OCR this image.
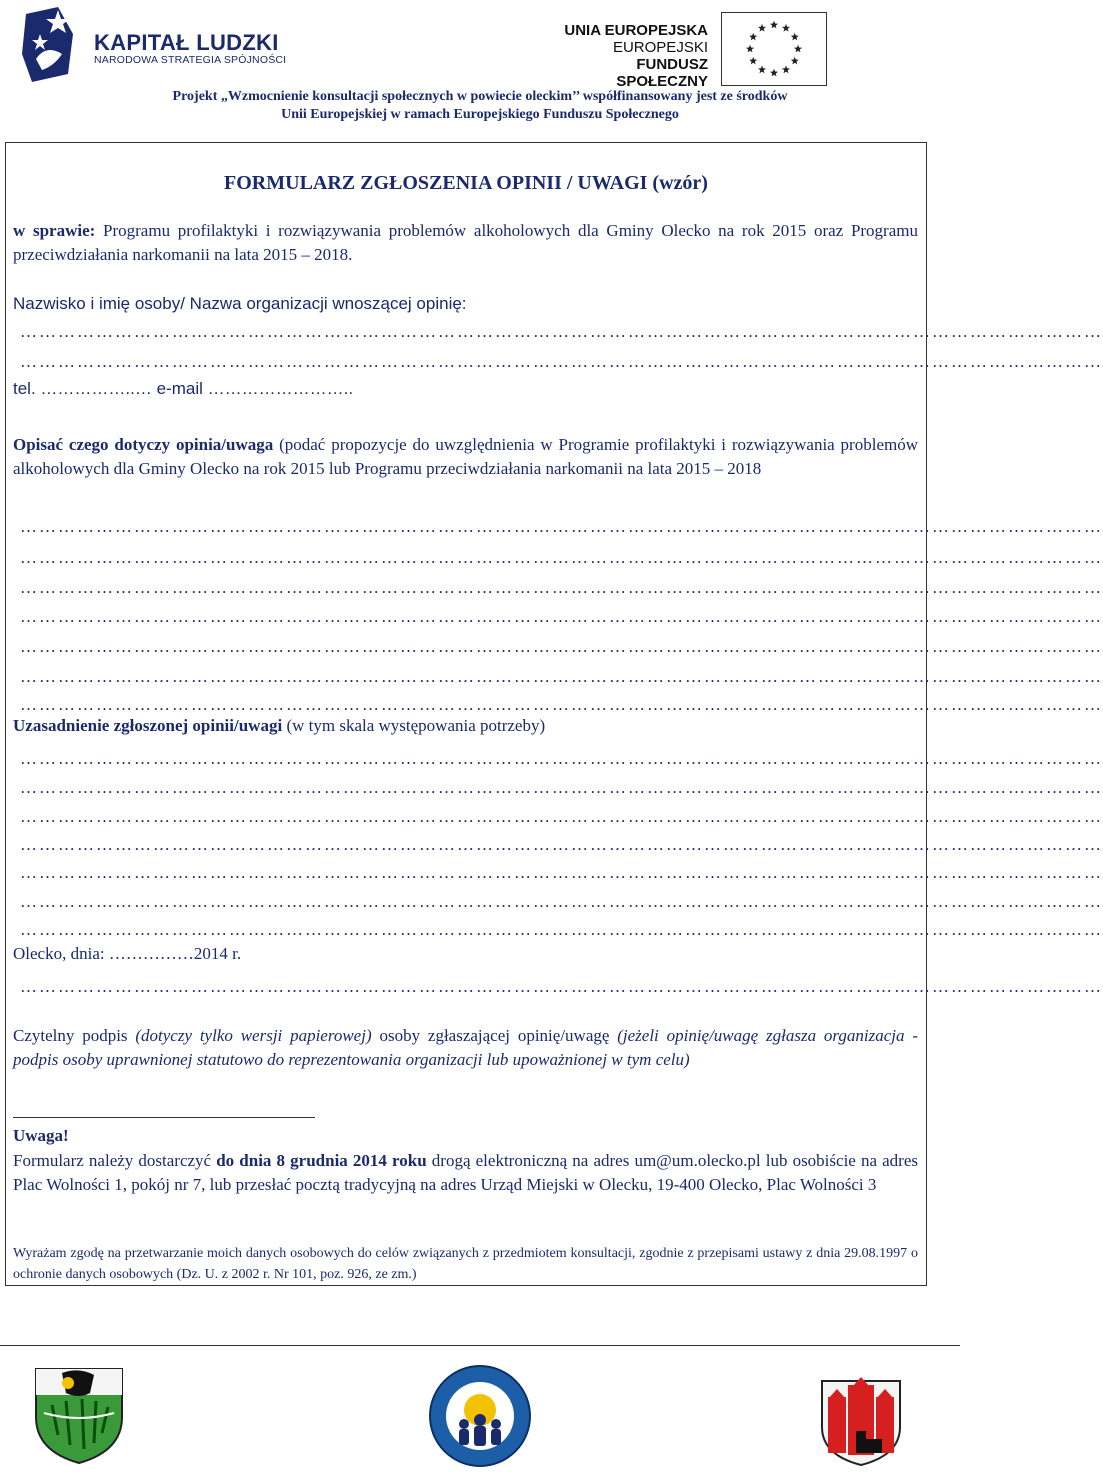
KAPITAŁ LUDZKI
NARODOWA STRATEGIA SPÓJNOŚCI
UNIA EUROPEJSKA
EUROPEJSKI
FUNDUSZ SPOŁECZNY
Projekt „Wzmocnienie konsultacji społecznych w powiecie oleckim’’ współfinansowany jest ze środków
Unii Europejskiej w ramach Europejskiego Funduszu Społecznego
FORMULARZ ZGŁOSZENIA OPINII / UWAGI (wzór)
w sprawie: Programu profilaktyki i rozwiązywania problemów alkoholowych dla Gminy Olecko na rok 2015 oraz Programu przeciwdziałania narkomanii na lata 2015 – 2018.
Nazwisko i imię osoby/ Nazwa organizacji wnoszącej opinię:
………………………………………………………………………………………………………………………………………………………
………………………………………………………………………………………………………………………………………………………
tel. ……………..… e-mail ……………………..
Opisać czego dotyczy opinia/uwaga (podać propozycje do uwzględnienia w Programie profilaktyki i rozwiązywania problemów alkoholowych dla Gminy Olecko na rok 2015 lub Programu przeciwdziałania narkomanii na lata 2015 – 2018
………………………………………………………………………………………………………………………………………………………
………………………………………………………………………………………………………………………………………………………
………………………………………………………………………………………………………………………………………………………
………………………………………………………………………………………………………………………………………………………
………………………………………………………………………………………………………………………………………………………
………………………………………………………………………………………………………………………………………………………
………………………………………………………………………………………………………………………………………………………
Uzasadnienie zgłoszonej opinii/uwagi (w tym skala występowania potrzeby)
………………………………………………………………………………………………………………………………………………………
………………………………………………………………………………………………………………………………………………………
………………………………………………………………………………………………………………………………………………………
………………………………………………………………………………………………………………………………………………………
………………………………………………………………………………………………………………………………………………………
………………………………………………………………………………………………………………………………………………………
………………………………………………………………………………………………………………………………………………………
Olecko, dnia: ……………2014 r.
………………………………………………………………………………………………………………………………………………………
Czytelny podpis (dotyczy tylko wersji papierowej) osoby zgłaszającej opinię/uwagę (jeżeli opinię/uwagę zgłasza organizacja - podpis osoby uprawnionej statutowo do reprezentowania organizacji lub upoważnionej w tym celu)
Uwaga!
Formularz należy dostarczyć do dnia 8 grudnia 2014 roku drogą elektroniczną na adres um@um.olecko.pl lub osobiście na adres Plac Wolności 1, pokój nr 7, lub przesłać pocztą tradycyjną na adres Urząd Miejski w Olecku, 19-400 Olecko, Plac Wolności 3
Wyrażam zgodę na przetwarzanie moich danych osobowych do celów związanych z przedmiotem konsultacji, zgodnie z przepisami ustawy z dnia 29.08.1997 o ochronie danych osobowych (Dz. U. z 2002 r. Nr 101, poz. 926, ze zm.)
